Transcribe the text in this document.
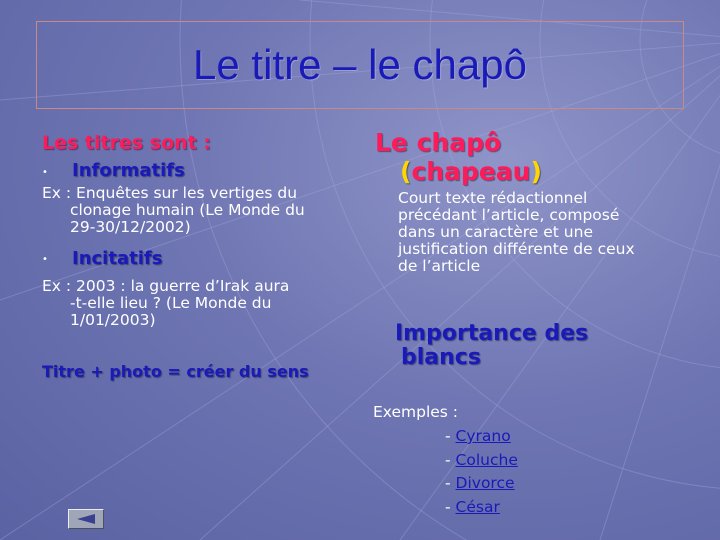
Le titre – le chapô
Les titres sont :
• Informatifs
Ex : Enquêtes sur les vertiges du
clonage humain (Le Monde du
29-30/12/2002)
• Incitatifs
Ex : 2003 : la guerre d’Irak aura
-t-elle lieu ? (Le Monde du
1/01/2003)
Titre + photo = créer du sens
Le chapô
(chapeau)
Court texte rédactionnel
précédant l’article, composé
dans un caractère et une
justification différente de ceux
de l’article
Importance des
blancs
Exemples :
- Cyrano
- Coluche
- Divorce
- César
